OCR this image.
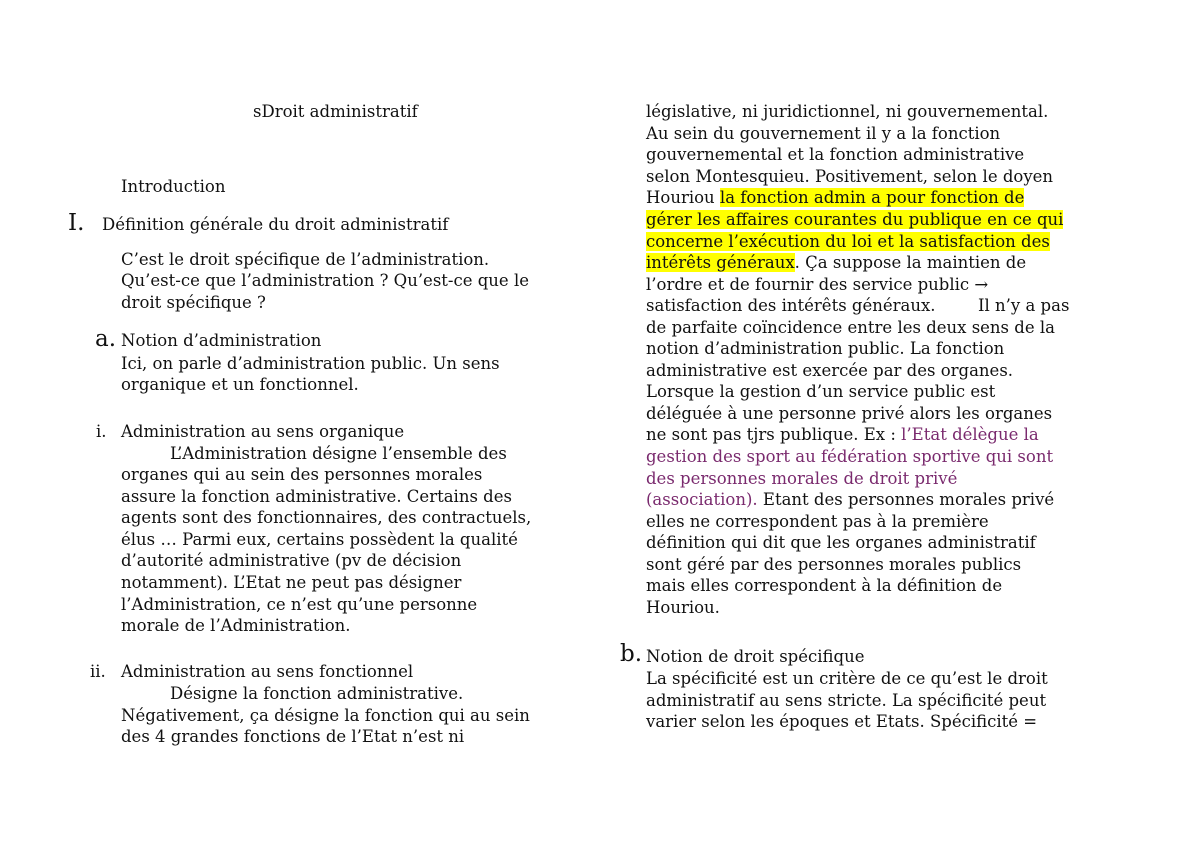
sDroit administratif
Introduction
I. Définition générale du droit administratif
C’est le droit spécifique de l’administration.
Qu’est-ce que l’administration ? Qu’est-ce que le
droit spécifique ?
a. Notion d’administration
Ici, on parle d’administration public. Un sens
organique et un fonctionnel.
i. Administration au sens organique
L’Administration désigne l’ensemble des
organes qui au sein des personnes morales
assure la fonction administrative. Certains des
agents sont des fonctionnaires, des contractuels,
élus … Parmi eux, certains possèdent la qualité
d’autorité administrative (pv de décision
notamment). L’Etat ne peut pas désigner
l’Administration, ce n’est qu’une personne
morale de l’Administration.
ii. Administration au sens fonctionnel
Désigne la fonction administrative.
Négativement, ça désigne la fonction qui au sein
des 4 grandes fonctions de l’Etat n’est ni
législative, ni juridictionnel, ni gouvernemental.
Au sein du gouvernement il y a la fonction
gouvernemental et la fonction administrative
selon Montesquieu. Positivement, selon le doyen
Houriou la fonction admin a pour fonction de
gérer les affaires courantes du publique en ce qui
concerne l’exécution du loi et la satisfaction des
intérêts généraux. Ça suppose la maintien de
l’ordre et de fournir des service public →
satisfaction des intérêts généraux.	Il n’y a pas
de parfaite coïncidence entre les deux sens de la
notion d’administration public. La fonction
administrative est exercée par des organes.
Lorsque la gestion d’un service public est
déléguée à une personne privé alors les organes
ne sont pas tjrs publique. Ex : l’Etat délègue la
gestion des sport au fédération sportive qui sont
des personnes morales de droit privé
(association). Etant des personnes morales privé
elles ne correspondent pas à la première
définition qui dit que les organes administratif
sont géré par des personnes morales publics
mais elles correspondent à la définition de
Houriou.
b. Notion de droit spécifique
La spécificité est un critère de ce qu’est le droit
administratif au sens stricte. La spécificité peut
varier selon les époques et Etats. Spécificité =
